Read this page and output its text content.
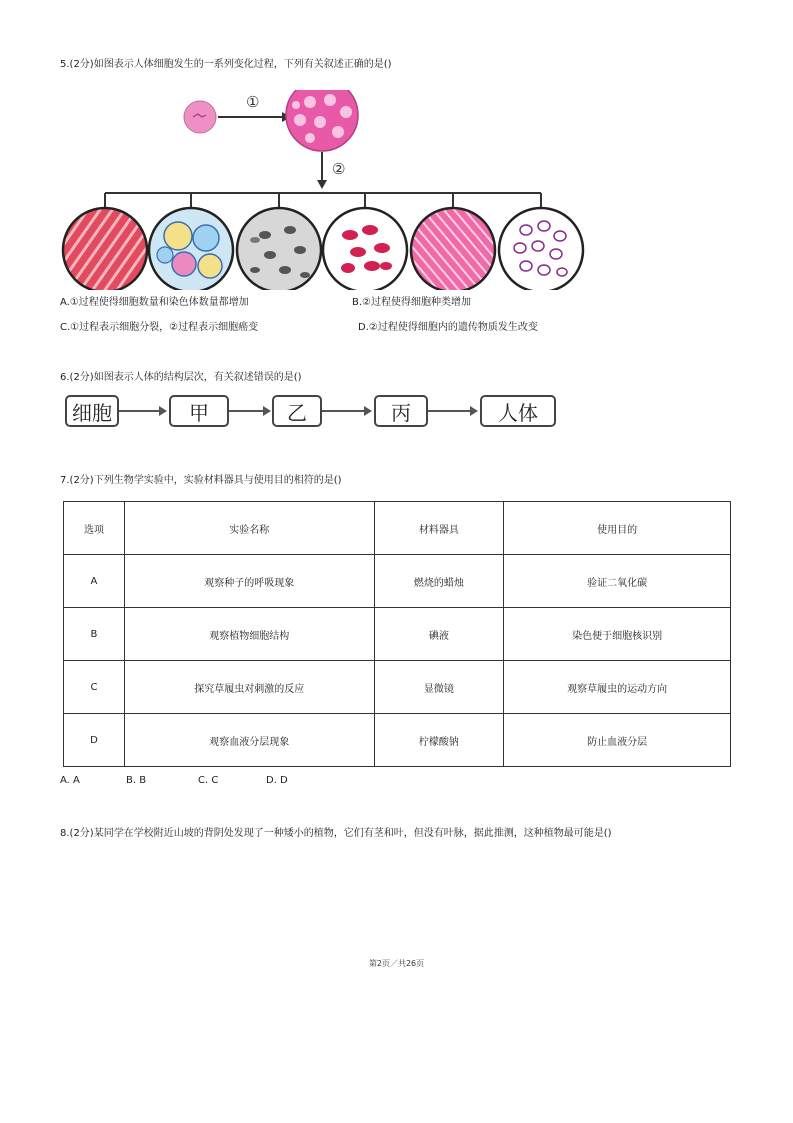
5.(2分)如图表示人体细胞发生的一系列变化过程，下列有关叙述正确的是()
①
②
A.①过程使得细胞数量和染色体数量都增加	B.②过程使得细胞种类增加
C.①过程表示细胞分裂，②过程表示细胞癌变	D.②过程使得细胞内的遗传物质发生改变
6.(2分)如图表示人体的结构层次，有关叙述错误的是()
细胞	甲	乙	丙	人体
7.(2分)下列生物学实验中，实验材料器具与使用目的相符的是()
选项	实验名称	材料器具	使用目的
A	观察种子的呼吸现象	燃烧的蜡烛	验证二氧化碳
B	观察植物细胞结构	碘液	染色便于细胞核识别
C	探究草履虫对刺激的反应	显微镜	观察草履虫的运动方向
D	观察血液分层现象	柠檬酸钠	防止血液分层
A. A	B. B	C. C	D. D
8.(2分)某同学在学校附近山坡的背阴处发现了一种矮小的植物，它们有茎和叶，但没有叶脉，据此推测，这种植物最可能是()
第2页／共26页
